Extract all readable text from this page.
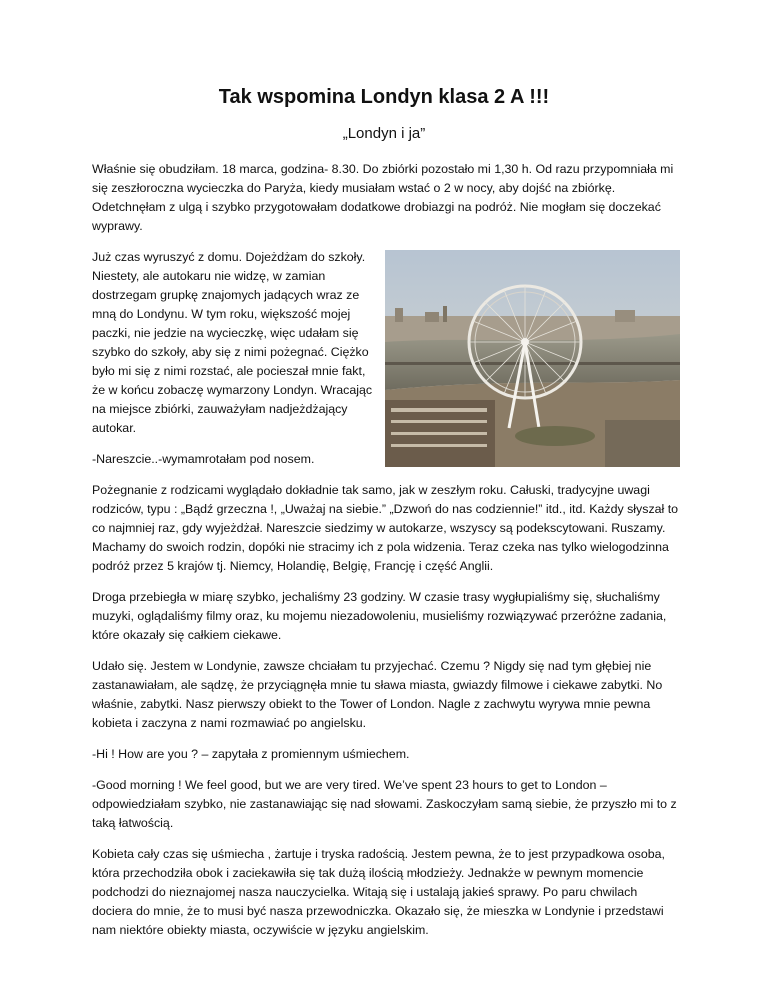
Tak wspomina Londyn klasa 2 A !!!
„Londyn i ja”

Właśnie się obudziłam. 18 marca, godzina- 8.30. Do zbiórki pozostało mi 1,30 h. Od razu przypomniała mi się zeszłoroczna wycieczka do Paryża, kiedy musiałam wstać o 2 w nocy, aby dojść na zbiórkę. Odetchnęłam z ulgą i szybko przygotowałam dodatkowe drobiazgi na podróż. Nie mogłam się doczekać wyprawy.

Już czas wyruszyć z domu. Dojeżdżam do szkoły. Niestety, ale autokaru nie widzę, w zamian dostrzegam grupkę znajomych jadących wraz ze mną do Londynu. W tym roku, większość mojej paczki, nie jedzie na wycieczkę, więc udałam się szybko do szkoły, aby się z nimi pożegnać. Ciężko było mi się z nimi rozstać, ale pocieszał mnie fakt, że w końcu zobaczę wymarzony Londyn. Wracając na miejsce zbiórki, zauważyłam nadjeżdżający autokar.

-Nareszcie..-wymamrotałam pod nosem.

Pożegnanie z rodzicami wyglądało dokładnie tak samo, jak w zeszłym roku. Całuski, tradycyjne uwagi rodziców, typu : „Bądź grzeczna !, „Uważaj na siebie.” „Dzwoń do nas codziennie!” itd., itd. Każdy słyszał to co najmniej raz, gdy wyjeżdżał. Nareszcie siedzimy w autokarze, wszyscy są podekscytowani. Ruszamy. Machamy do swoich rodzin, dopóki nie stracimy ich z pola widzenia. Teraz czeka nas tylko wielogodzinna podróż przez 5 krajów tj. Niemcy, Holandię, Belgię, Francję i część Anglii.

Droga przebiegła w miarę szybko, jechaliśmy 23 godziny. W czasie trasy wygłupialiśmy się, słuchaliśmy muzyki, oglądaliśmy filmy oraz, ku mojemu niezadowoleniu, musieliśmy rozwiązywać przeróżne zadania, które okazały się całkiem ciekawe.

Udało się. Jestem w Londynie, zawsze chciałam tu przyjechać. Czemu ? Nigdy się nad tym głębiej nie zastanawiałam, ale sądzę, że przyciągnęła mnie tu sława miasta, gwiazdy filmowe i ciekawe zabytki. No właśnie, zabytki. Nasz pierwszy obiekt to the Tower of London. Nagle z zachwytu wyrywa mnie pewna kobieta i zaczyna z nami rozmawiać po angielsku.

-Hi ! How are you ? – zapytała z promiennym uśmiechem.

-Good morning ! We feel good, but we are very tired. We’ve spent 23 hours to get to London – odpowiedziałam szybko, nie zastanawiając się nad słowami. Zaskoczyłam samą siebie, że przyszło mi to z taką łatwością.

Kobieta cały czas się uśmiecha , żartuje i tryska radością. Jestem pewna, że to jest przypadkowa osoba, która przechodziła obok i zaciekawiła się tak dużą ilością młodzieży. Jednakże w pewnym momencie podchodzi do nieznajomej nasza nauczycielka. Witają się i ustalają jakieś sprawy. Po paru chwilach dociera do mnie, że to musi być nasza przewodniczka. Okazało się, że mieszka w Londynie i przedstawi nam niektóre obiekty miasta, oczywiście w języku angielskim.
